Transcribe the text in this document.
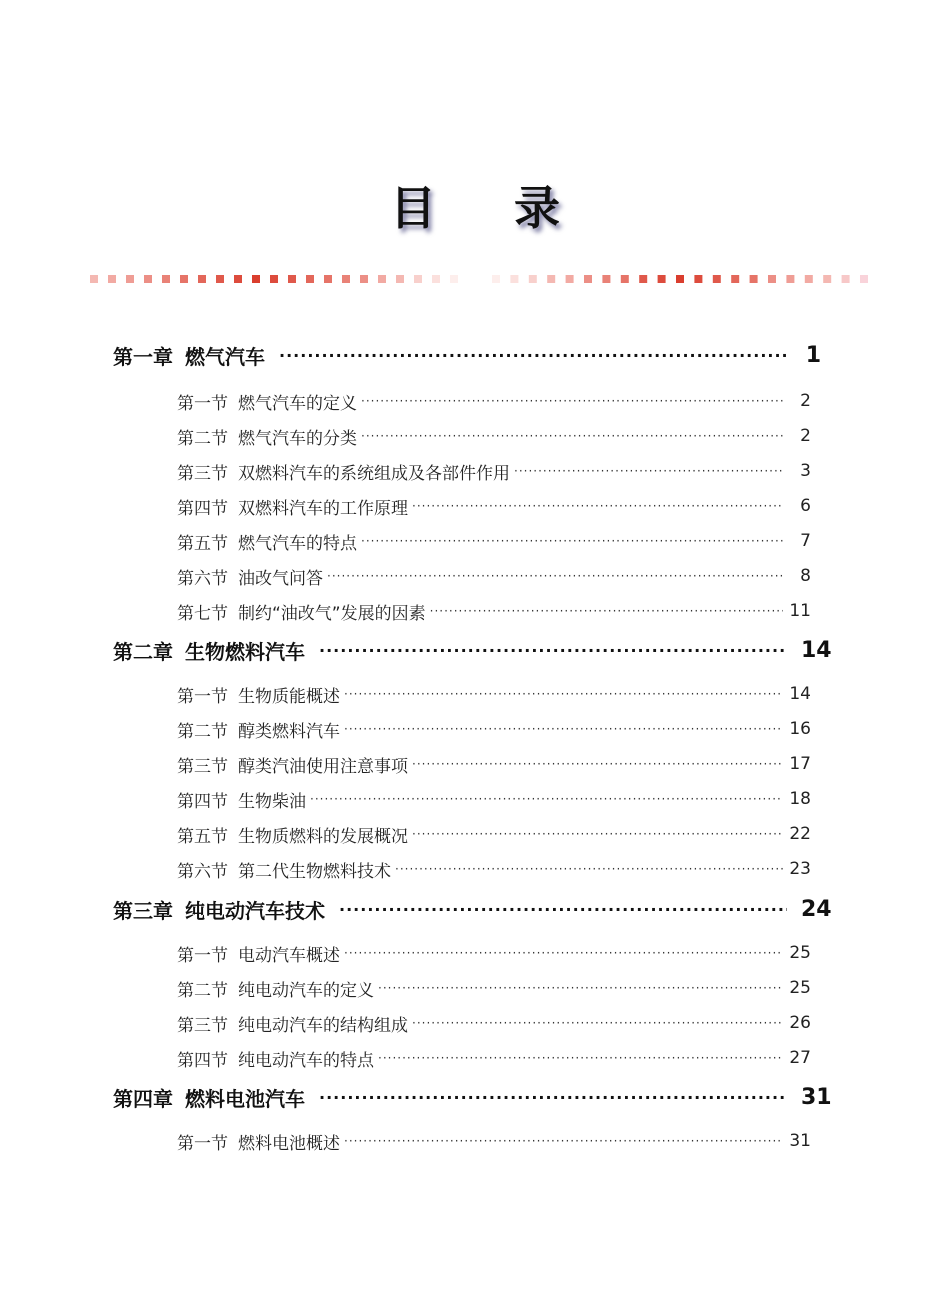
目 录
第一章 燃气汽车 ·····	1
第一节 燃气汽车的定义 ·····	2
第二节 燃气汽车的分类 ·····	2
第三节 双燃料汽车的系统组成及各部件作用 ·····	3
第四节 双燃料汽车的工作原理 ·····	6
第五节 燃气汽车的特点 ·····	7
第六节 油改气问答 ·····	8
第七节 制约“油改气”发展的因素 ·····	11
第二章 生物燃料汽车 ·····	14
第一节 生物质能概述 ·····	14
第二节 醇类燃料汽车 ·····	16
第三节 醇类汽油使用注意事项 ·····	17
第四节 生物柴油 ·····	18
第五节 生物质燃料的发展概况 ·····	22
第六节 第二代生物燃料技术 ·····	23
第三章 纯电动汽车技术 ·····	24
第一节 电动汽车概述 ·····	25
第二节 纯电动汽车的定义 ·····	25
第三节 纯电动汽车的结构组成 ·····	26
第四节 纯电动汽车的特点 ·····	27
第四章 燃料电池汽车 ·····	31
第一节 燃料电池概述 ·····	31
